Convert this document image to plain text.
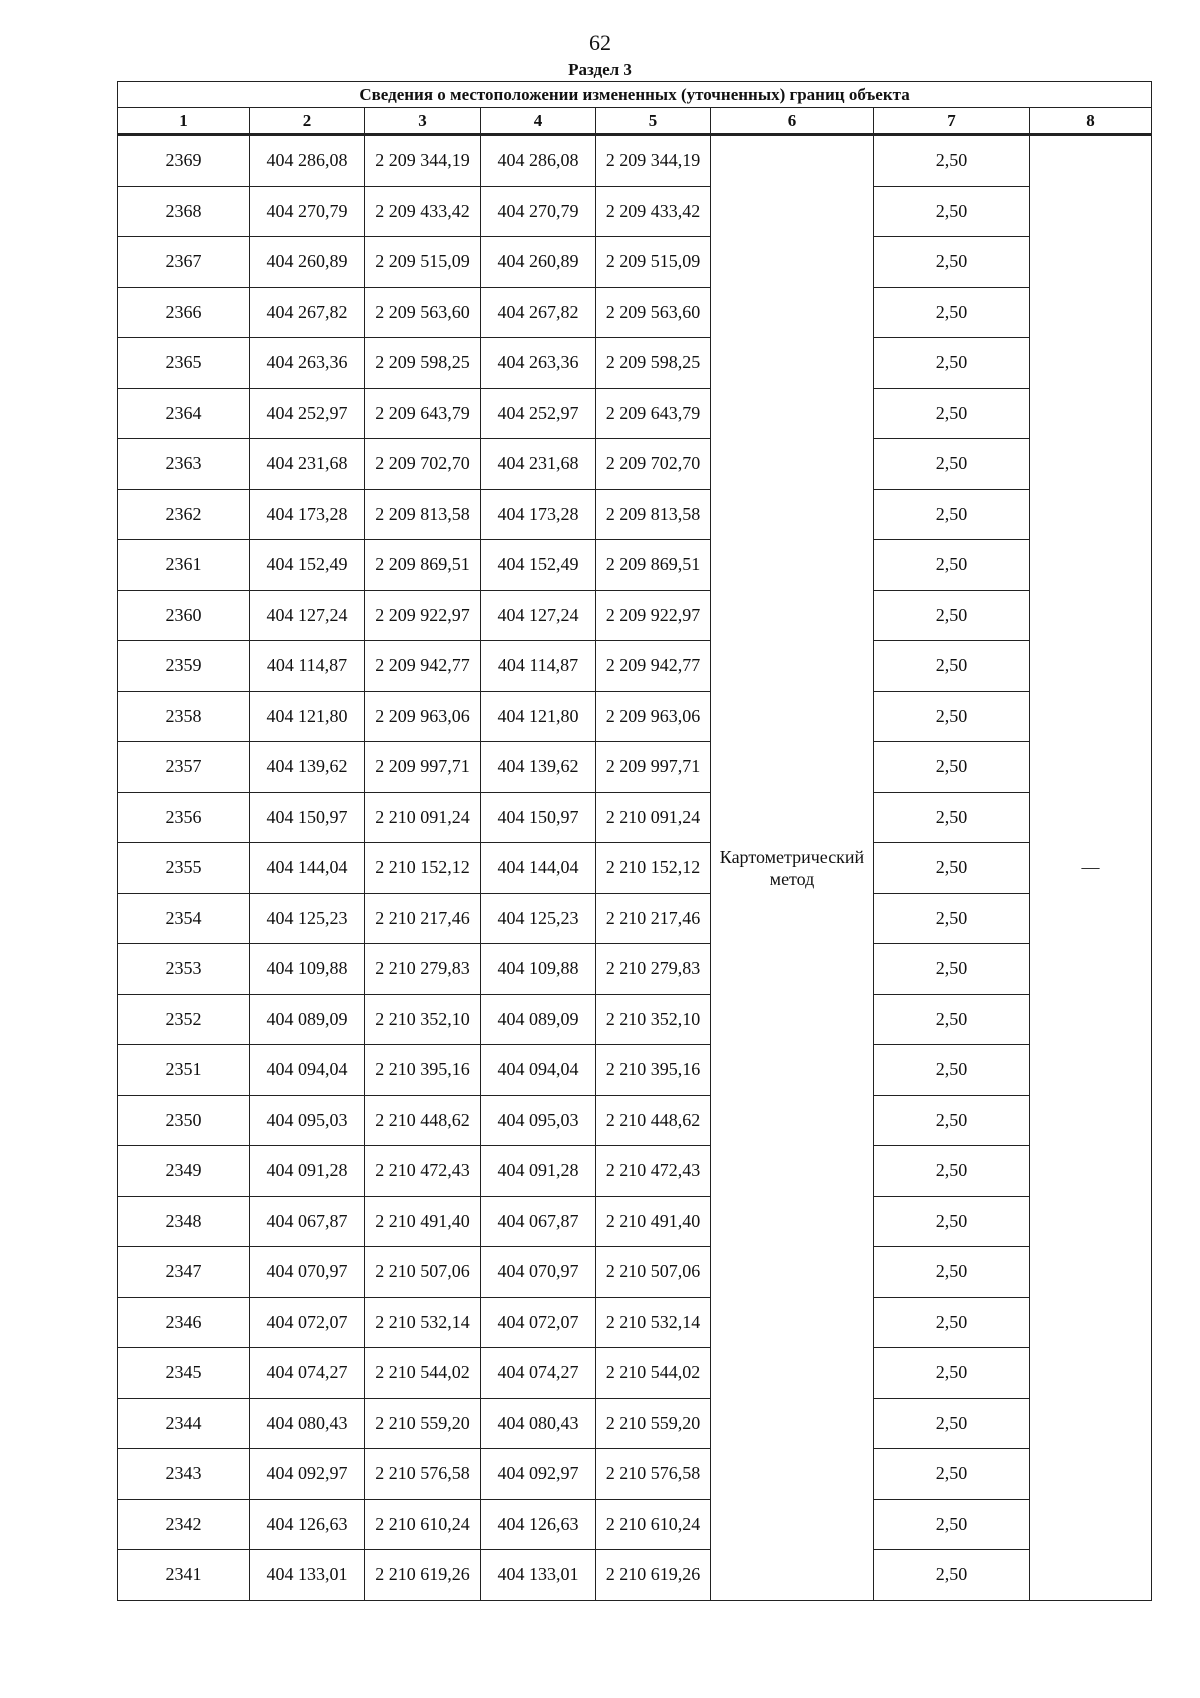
62
Раздел 3
Сведения о местоположении измененных (уточненных) границ объекта							
1	2	3	4	5	6	7	8
2369	404 286,08	2 209 344,19	404 286,08	2 209 344,19	Картометрический метод	2,50	—
2368	404 270,79	2 209 433,42	404 270,79	2 209 433,42		2,50	
2367	404 260,89	2 209 515,09	404 260,89	2 209 515,09		2,50	
2366	404 267,82	2 209 563,60	404 267,82	2 209 563,60		2,50	
2365	404 263,36	2 209 598,25	404 263,36	2 209 598,25		2,50	
2364	404 252,97	2 209 643,79	404 252,97	2 209 643,79		2,50	
2363	404 231,68	2 209 702,70	404 231,68	2 209 702,70		2,50	
2362	404 173,28	2 209 813,58	404 173,28	2 209 813,58		2,50	
2361	404 152,49	2 209 869,51	404 152,49	2 209 869,51		2,50	
2360	404 127,24	2 209 922,97	404 127,24	2 209 922,97		2,50	
2359	404 114,87	2 209 942,77	404 114,87	2 209 942,77		2,50	
2358	404 121,80	2 209 963,06	404 121,80	2 209 963,06		2,50	
2357	404 139,62	2 209 997,71	404 139,62	2 209 997,71		2,50	
2356	404 150,97	2 210 091,24	404 150,97	2 210 091,24		2,50	
2355	404 144,04	2 210 152,12	404 144,04	2 210 152,12		2,50	
2354	404 125,23	2 210 217,46	404 125,23	2 210 217,46		2,50	
2353	404 109,88	2 210 279,83	404 109,88	2 210 279,83		2,50	
2352	404 089,09	2 210 352,10	404 089,09	2 210 352,10		2,50	
2351	404 094,04	2 210 395,16	404 094,04	2 210 395,16		2,50	
2350	404 095,03	2 210 448,62	404 095,03	2 210 448,62		2,50	
2349	404 091,28	2 210 472,43	404 091,28	2 210 472,43		2,50	
2348	404 067,87	2 210 491,40	404 067,87	2 210 491,40		2,50	
2347	404 070,97	2 210 507,06	404 070,97	2 210 507,06		2,50	
2346	404 072,07	2 210 532,14	404 072,07	2 210 532,14		2,50	
2345	404 074,27	2 210 544,02	404 074,27	2 210 544,02		2,50	
2344	404 080,43	2 210 559,20	404 080,43	2 210 559,20		2,50	
2343	404 092,97	2 210 576,58	404 092,97	2 210 576,58		2,50	
2342	404 126,63	2 210 610,24	404 126,63	2 210 610,24		2,50	
2341	404 133,01	2 210 619,26	404 133,01	2 210 619,26		2,50	
